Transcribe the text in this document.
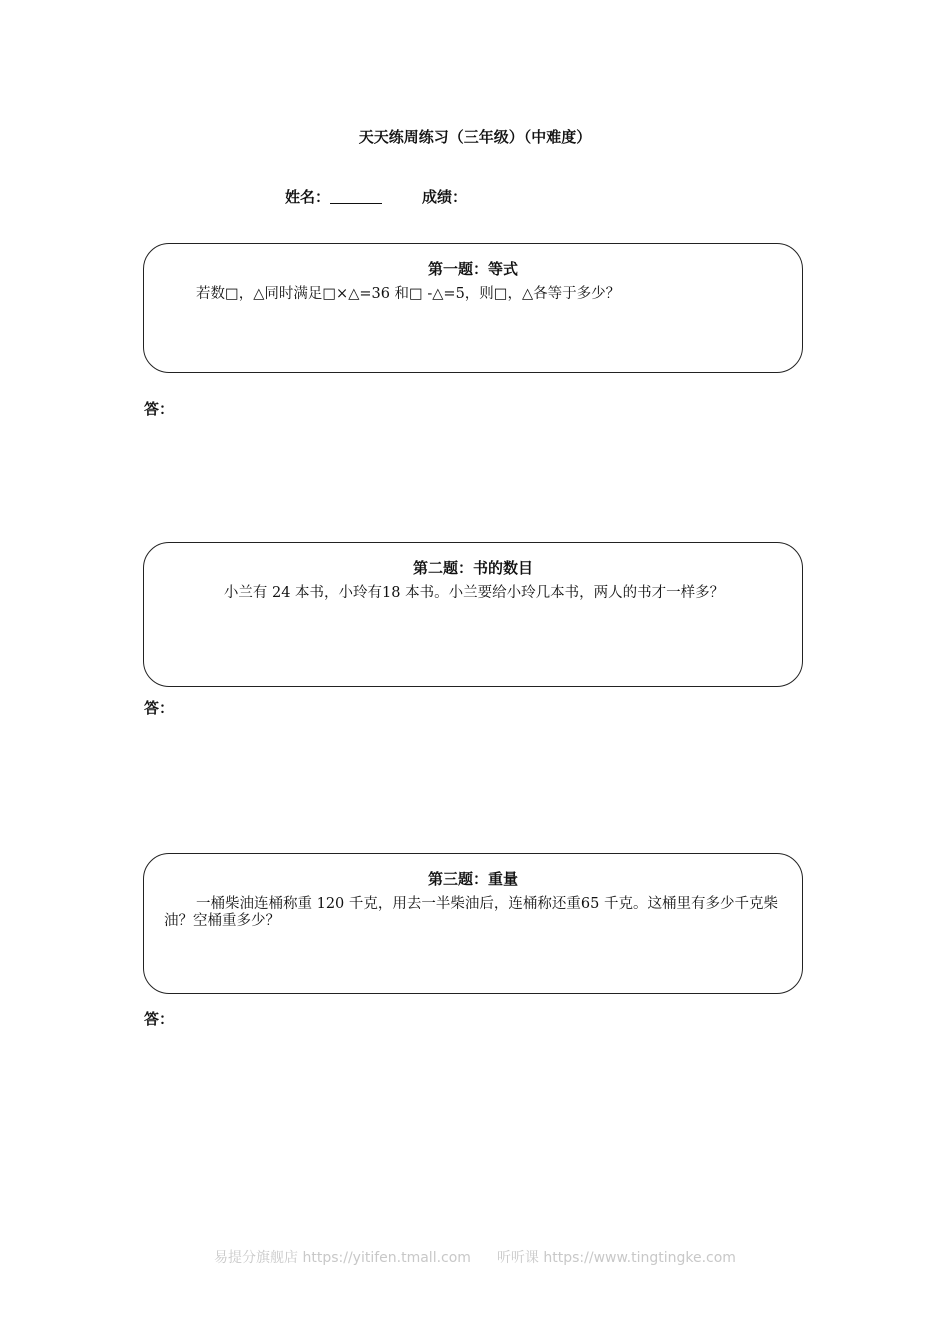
天天练周练习（三年级）（中难度）
姓名：	成绩：
第一题：等式
若数□，△同时满足□×△=36 和□ -△=5，则□，△各等于多少？
答：
第二题：书的数目
小兰有 24 本书，小玲有18 本书。小兰要给小玲几本书，两人的书才一样多？
答：
第三题：重量
一桶柴油连桶称重 120 千克，用去一半柴油后，连桶称还重65 千克。这桶里有多少千克柴油？空桶重多少？
答：
易提分旗舰店 https://yitifen.tmall.com 听听课 https://www.tingtingke.com
